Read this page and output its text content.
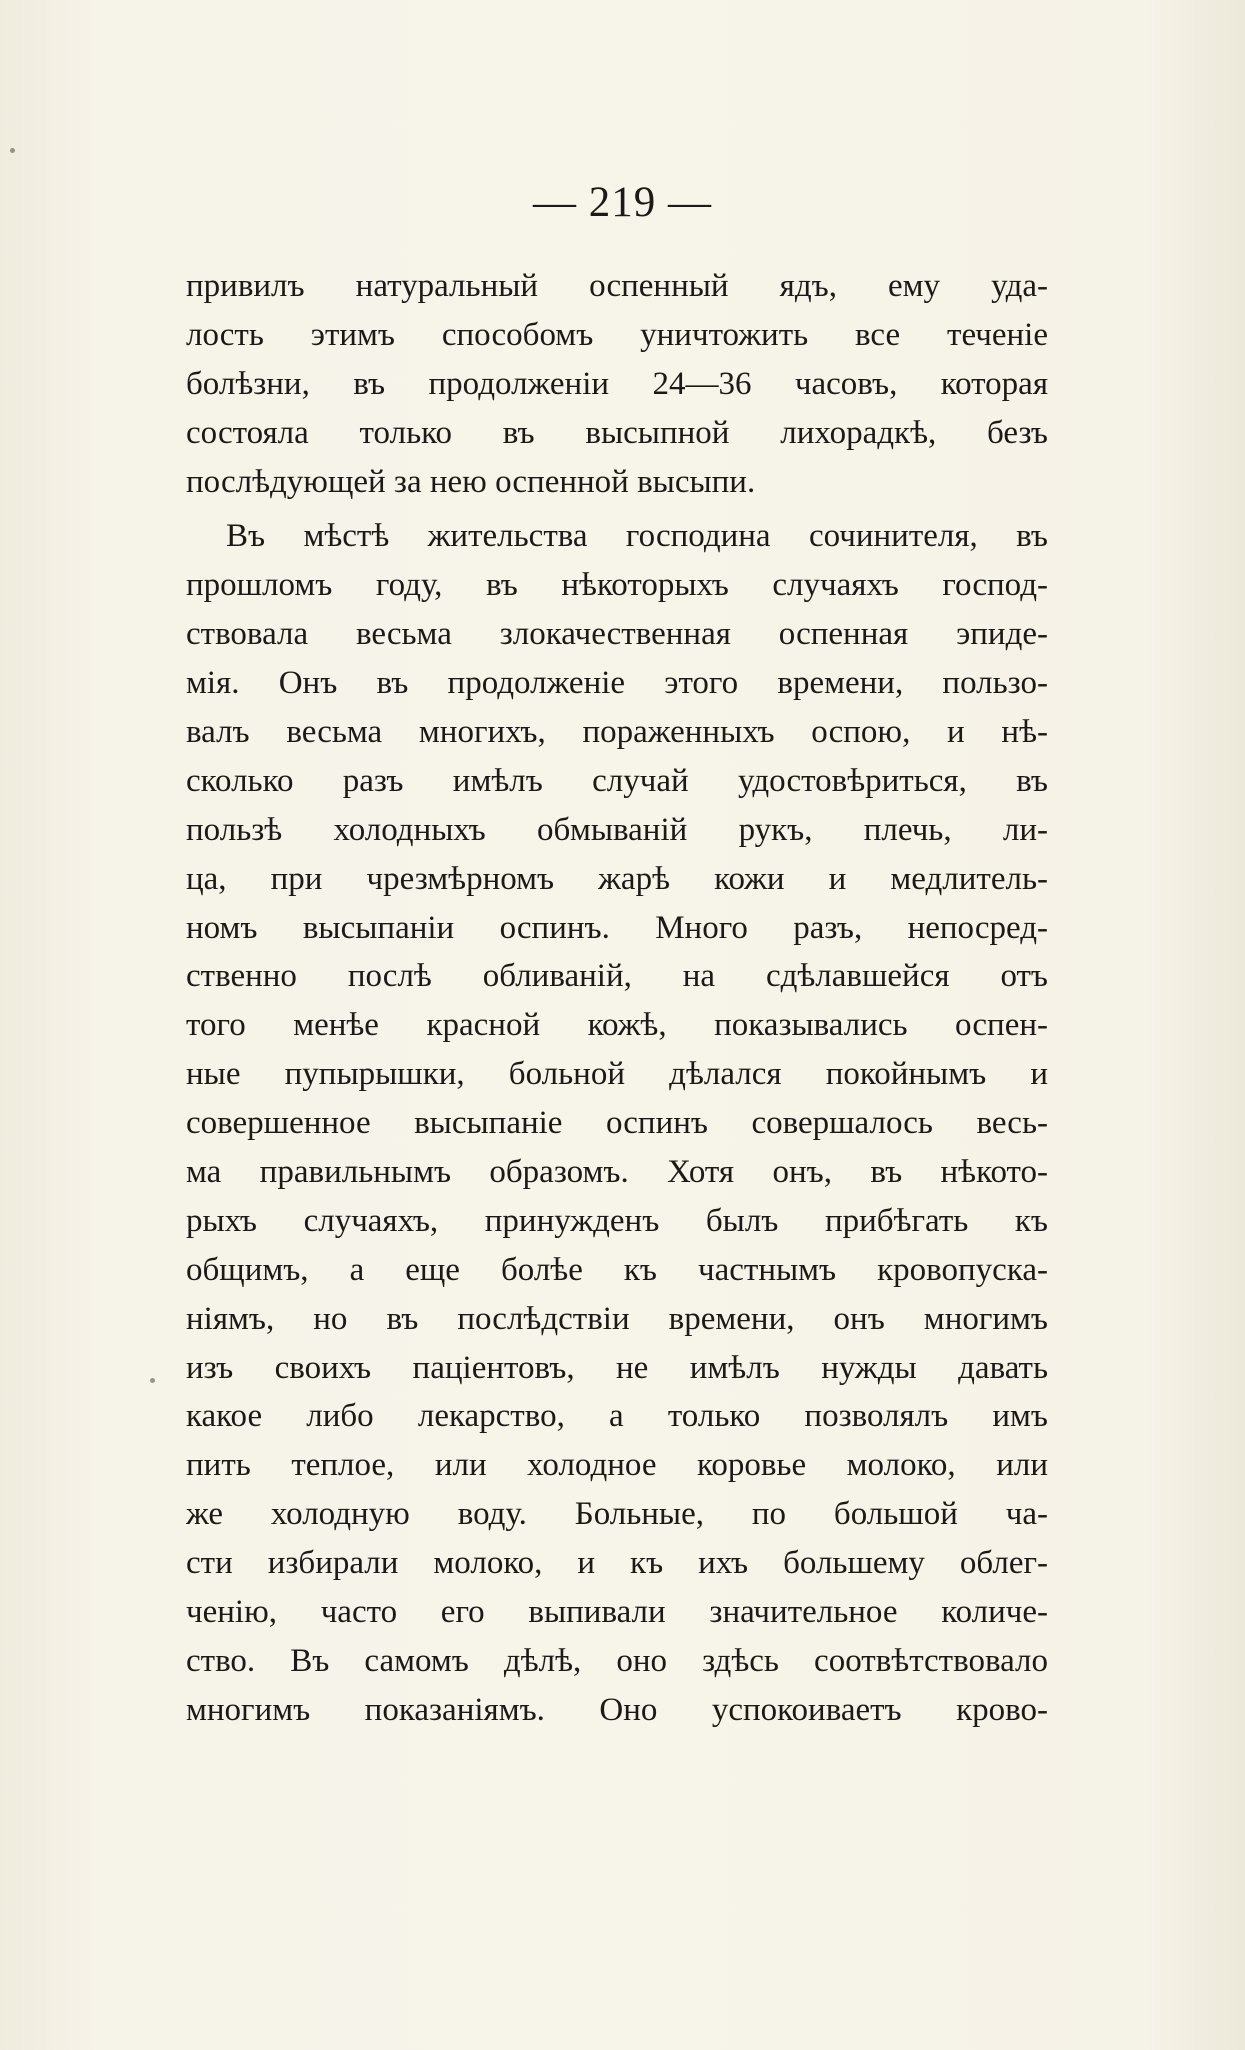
— 219 —
привилъ натуральный оспенный ядъ, ему уда-
лость этимъ способомъ уничтожить все теченіе
болѣзни, въ продолженіи 24—36 часовъ, которая
состояла только въ высыпной лихорадкѣ, безъ
послѣдующей за нею оспенной высыпи.
Въ мѣстѣ жительства господина сочинителя, въ
прошломъ году, въ нѣкоторыхъ случаяхъ господ-
ствовала весьма злокачественная оспенная эпиде-
мія. Онъ въ продолженіе этого времени, пользо-
валъ весьма многихъ, пораженныхъ оспою, и нѣ-
сколько разъ имѣлъ случай удостовѣриться, въ
пользѣ холодныхъ обмываній рукъ, плечь, ли-
ца, при чрезмѣрномъ жарѣ кожи и медлитель-
номъ высыпаніи оспинъ. Много разъ, непосред-
ственно послѣ обливаній, на сдѣлавшейся отъ
того менѣе красной кожѣ, показывались оспен-
ные пупырышки, больной дѣлался покойнымъ и
совершенное высыпаніе оспинъ совершалось весь-
ма правильнымъ образомъ. Хотя онъ, въ нѣкото-
рыхъ случаяхъ, принужденъ былъ прибѣгать къ
общимъ, а еще болѣе къ частнымъ кровопуска-
ніямъ, но въ послѣдствіи времени, онъ многимъ
изъ своихъ паціентовъ, не имѣлъ нужды давать
какое либо лекарство, а только позволялъ имъ
пить теплое, или холодное коровье молоко, или
же холодную воду. Больные, по большой ча-
сти избирали молоко, и къ ихъ большему облег-
ченію, часто его выпивали значительное количе-
ство. Въ самомъ дѣлѣ, оно здѣсь соотвѣтствовало
многимъ показаніямъ. Оно успокоиваетъ крово-
